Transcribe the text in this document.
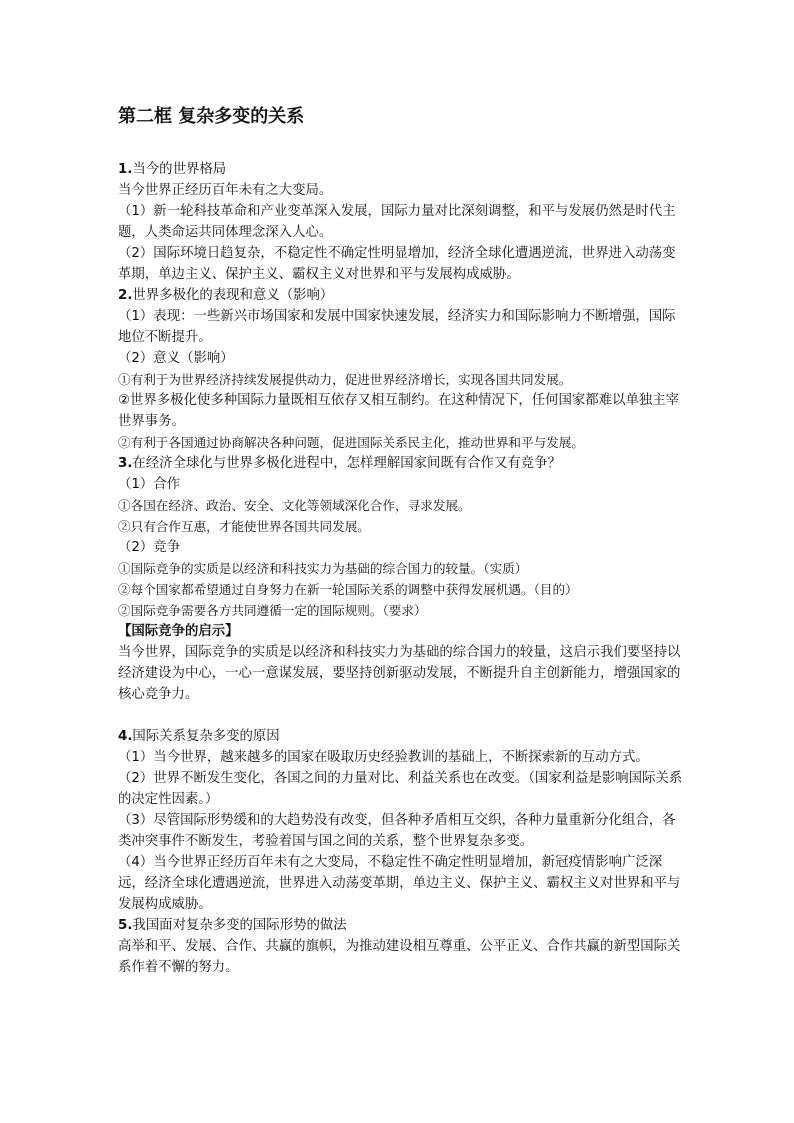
第二框 复杂多变的关系

1.当今的世界格局

当今世界正经历百年未有之大变局。

（1）新一轮科技革命和产业变革深入发展，国际力量对比深刻调整，和平与发展仍然是时代主题，人类命运共同体理念深入人心。

（2）国际环境日趋复杂，不稳定性不确定性明显增加，经济全球化遭遇逆流，世界进入动荡变革期，单边主义、保护主义、霸权主义对世界和平与发展构成威胁。

2.世界多极化的表现和意义（影响）

（1）表现：一些新兴市场国家和发展中国家快速发展，经济实力和国际影响力不断增强，国际地位不断提升。

（2）意义（影响）

①有利于为世界经济持续发展提供动力，促进世界经济增长，实现各国共同发展。

②世界多极化使多种国际力量既相互依存又相互制约。在这种情况下，任何国家都难以单独主宰世界事务。

②有利于各国通过协商解决各种问题，促进国际关系民主化，推动世界和平与发展。

3.在经济全球化与世界多极化进程中，怎样理解国家间既有合作又有竞争？

（1）合作

①各国在经济、政治、安全、文化等领域深化合作，寻求发展。

②只有合作互惠，才能使世界各国共同发展。

（2）竞争

①国际竞争的实质是以经济和科技实力为基础的综合国力的较量。（实质）

②每个国家都希望通过自身努力在新一轮国际关系的调整中获得发展机遇。（目的）

②国际竞争需要各方共同遵循一定的国际规则。（要求）

【国际竞争的启示】

当今世界，国际竞争的实质是以经济和科技实力为基础的综合国力的较量，这启示我们要坚持以经济建设为中心，一心一意谋发展，要坚持创新驱动发展，不断提升自主创新能力，增强国家的核心竞争力。

4.国际关系复杂多变的原因

（1）当今世界，越来越多的国家在吸取历史经验教训的基础上，不断探索新的互动方式。

（2）世界不断发生变化，各国之间的力量对比、利益关系也在改变。（国家利益是影响国际关系的决定性因素。）

（3）尽管国际形势缓和的大趋势没有改变，但各种矛盾相互交织，各种力量重新分化组合，各类冲突事件不断发生，考验着国与国之间的关系，整个世界复杂多变。

（4）当今世界正经历百年未有之大变局，不稳定性不确定性明显增加，新冠疫情影响广泛深远，经济全球化遭遇逆流，世界进入动荡变革期，单边主义、保护主义、霸权主义对世界和平与发展构成威胁。

5.我国面对复杂多变的国际形势的做法

高举和平、发展、合作、共赢的旗帜，为推动建设相互尊重、公平正义、合作共赢的新型国际关系作着不懈的努力。
